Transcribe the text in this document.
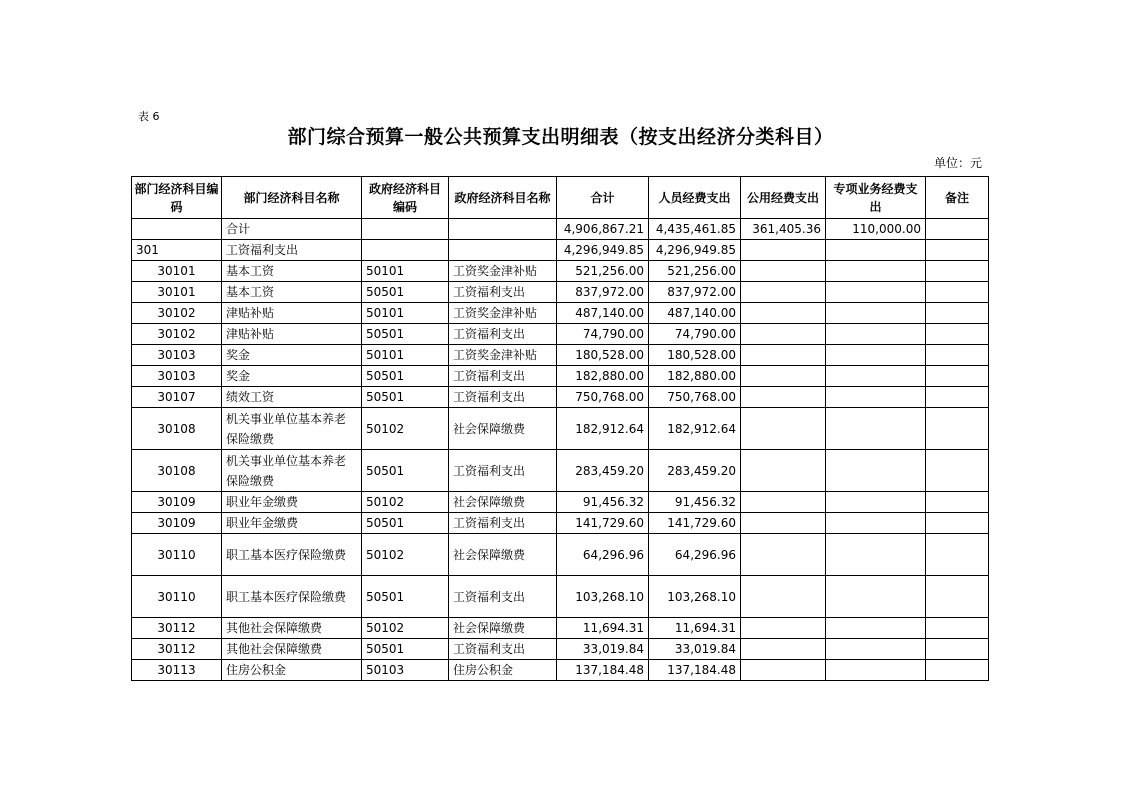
表 6
部门综合预算一般公共预算支出明细表（按支出经济分类科目）
单位：元
部门经济科目编码	部门经济科目名称	政府经济科目编码	政府经济科目名称	合计	人员经费支出	公用经费支出	专项业务经费支出	备注
	合计			4,906,867.21	4,435,461.85	361,405.36	110,000.00	
301	工资福利支出			4,296,949.85	4,296,949.85			
30101	基本工资	50101	工资奖金津补贴	521,256.00	521,256.00			
30101	基本工资	50501	工资福利支出	837,972.00	837,972.00			
30102	津贴补贴	50101	工资奖金津补贴	487,140.00	487,140.00			
30102	津贴补贴	50501	工资福利支出	74,790.00	74,790.00			
30103	奖金	50101	工资奖金津补贴	180,528.00	180,528.00			
30103	奖金	50501	工资福利支出	182,880.00	182,880.00			
30107	绩效工资	50501	工资福利支出	750,768.00	750,768.00			
30108	机关事业单位基本养老保险缴费	50102	社会保障缴费	182,912.64	182,912.64			
30108	机关事业单位基本养老保险缴费	50501	工资福利支出	283,459.20	283,459.20			
30109	职业年金缴费	50102	社会保障缴费	91,456.32	91,456.32			
30109	职业年金缴费	50501	工资福利支出	141,729.60	141,729.60			
30110	职工基本医疗保险缴费	50102	社会保障缴费	64,296.96	64,296.96			
30110	职工基本医疗保险缴费	50501	工资福利支出	103,268.10	103,268.10			
30112	其他社会保障缴费	50102	社会保障缴费	11,694.31	11,694.31			
30112	其他社会保障缴费	50501	工资福利支出	33,019.84	33,019.84			
30113	住房公积金	50103	住房公积金	137,184.48	137,184.48			
